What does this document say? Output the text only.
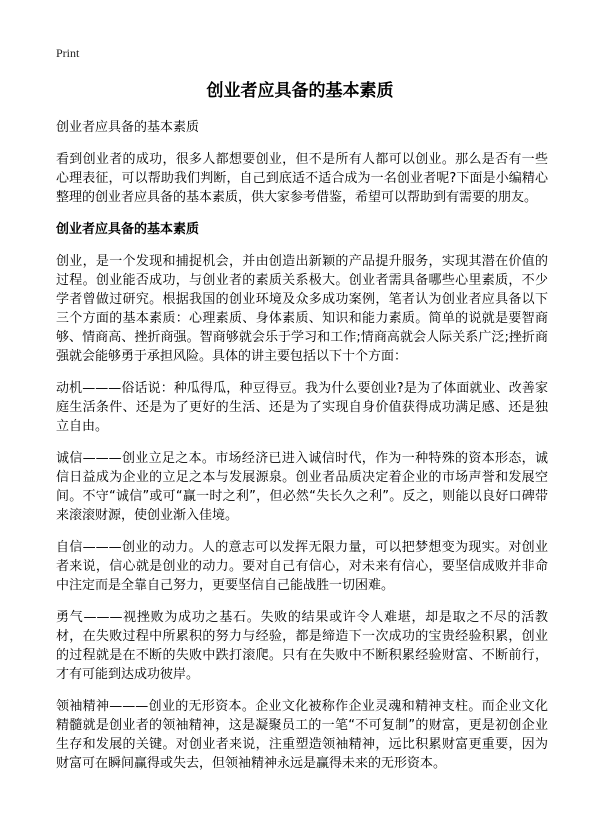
Print
创业者应具备的基本素质

创业者应具备的基本素质

看到创业者的成功，很多人都想要创业，但不是所有人都可以创业。那么是否有一些心理表征，可以帮助我们判断，自己到底适不适合成为一名创业者呢?下面是小编精心整理的创业者应具备的基本素质，供大家参考借鉴，希望可以帮助到有需要的朋友。

创业者应具备的基本素质

创业，是一个发现和捕捉机会，并由创造出新颖的产品提升服务，实现其潜在价值的过程。创业能否成功，与创业者的素质关系极大。创业者需具备哪些心里素质，不少学者曾做过研究。根据我国的创业环境及众多成功案例，笔者认为创业者应具备以下三个方面的基本素质：心理素质、身体素质、知识和能力素质。简单的说就是要智商够、情商高、挫折商强。智商够就会乐于学习和工作;情商高就会人际关系广泛;挫折商强就会能够勇于承担风险。具体的讲主要包括以下十个方面：

动机———俗话说：种瓜得瓜，种豆得豆。我为什么要创业?是为了体面就业、改善家庭生活条件、还是为了更好的生活、还是为了实现自身价值获得成功满足感、还是独立自由。

诚信———创业立足之本。市场经济已进入诚信时代，作为一种特殊的资本形态，诚信日益成为企业的立足之本与发展源泉。创业者品质决定着企业的市场声誉和发展空间。不守“诚信”或可“赢一时之利”，但必然“失长久之利”。反之，则能以良好口碑带来滚滚财源，使创业渐入佳境。

自信———创业的动力。人的意志可以发挥无限力量，可以把梦想变为现实。对创业者来说，信心就是创业的动力。要对自己有信心，对未来有信心，要坚信成败并非命中注定而是全靠自己努力，更要坚信自己能战胜一切困难。

勇气———视挫败为成功之基石。失败的结果或许令人难堪，却是取之不尽的活教材，在失败过程中所累积的努力与经验，都是缔造下一次成功的宝贵经验积累，创业的过程就是在不断的失败中跌打滚爬。只有在失败中不断积累经验财富、不断前行，才有可能到达成功彼岸。

领袖精神———创业的无形资本。企业文化被称作企业灵魂和精神支柱。而企业文化精髓就是创业者的领袖精神，这是凝聚员工的一笔“不可复制”的财富，更是初创企业生存和发展的关键。对创业者来说，注重塑造领袖精神，远比积累财富更重要，因为财富可在瞬间赢得或失去，但领袖精神永远是赢得未来的无形资本。
